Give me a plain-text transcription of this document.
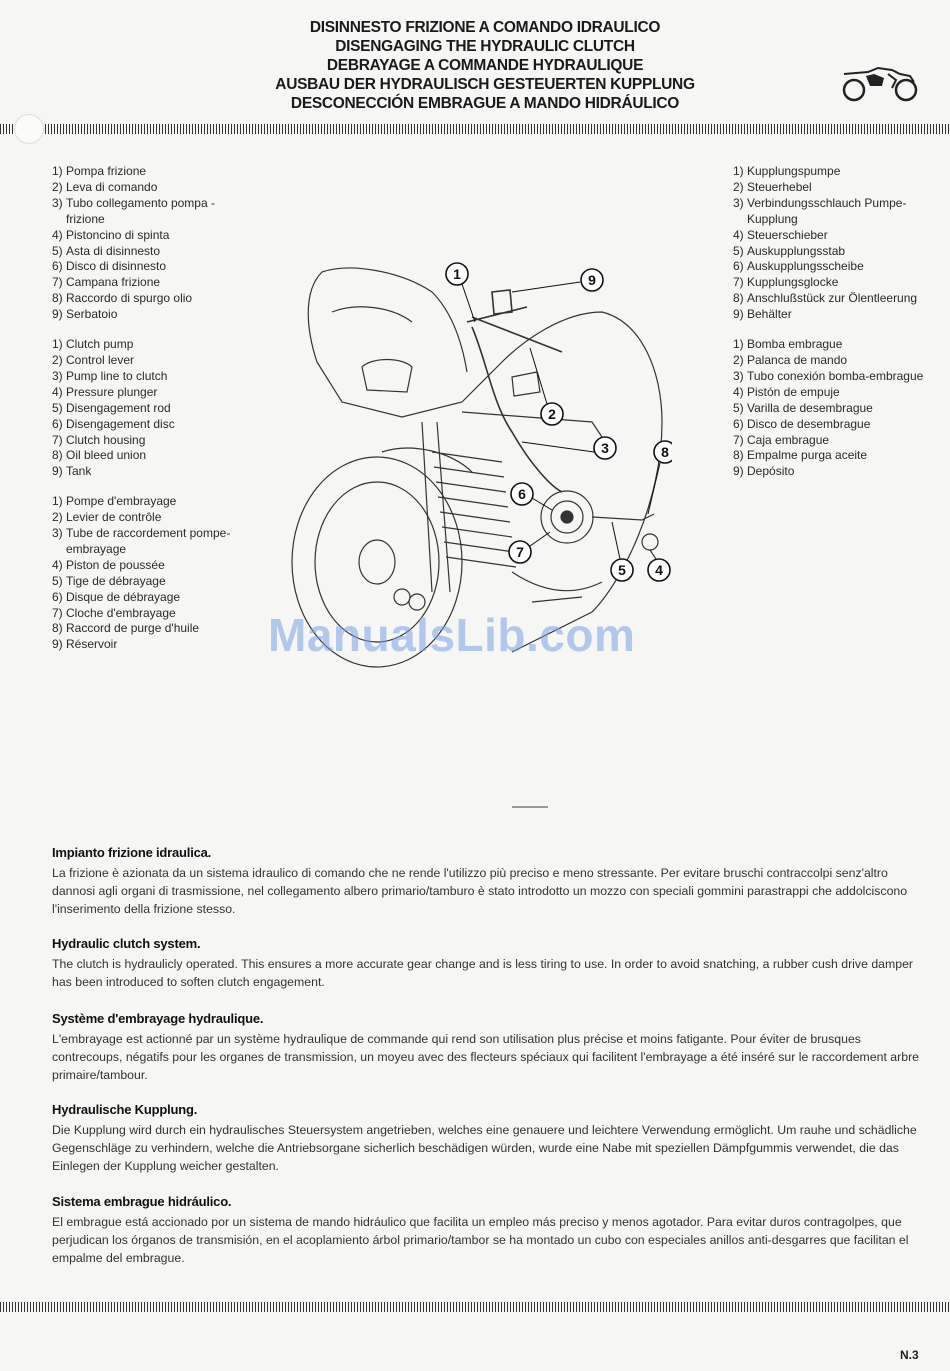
DISINNESTO FRIZIONE A COMANDO IDRAULICO
DISENGAGING THE HYDRAULIC CLUTCH
DEBRAYAGE A COMMANDE HYDRAULIQUE
AUSBAU DER HYDRAULISCH GESTEUERTEN KUPPLUNG
DESCONECCIÓN EMBRAGUE A MANDO HIDRÁULICO
1) Pompa frizione
2) Leva di comando
3) Tubo collegamento pompa -
frizione
4) Pistoncino di spinta
5) Asta di disinnesto
6) Disco di disinnesto
7) Campana frizione
8) Raccordo di spurgo olio
9) Serbatoio
1) Clutch pump
2) Control lever
3) Pump line to clutch
4) Pressure plunger
5) Disengagement rod
6) Disengagement disc
7) Clutch housing
8) Oil bleed union
9) Tank
1) Pompe d'embrayage
2) Levier de contrôle
3) Tube de raccordement pompe-
embrayage
4) Piston de poussée
5) Tige de débrayage
6) Disque de débrayage
7) Cloche d'embrayage
8) Raccord de purge d'huile
9) Réservoir
1) Kupplungspumpe
2) Steuerhebel
3) Verbindungsschlauch Pumpe-
Kupplung
4) Steuerschieber
5) Auskupplungsstab
6) Auskupplungsscheibe
7) Kupplungsglocke
8) Anschlußstück zur Ölentleerung
9) Behälter
1) Bomba embrague
2) Palanca de mando
3) Tubo conexión bomba-embrague
4) Pistón de empuje
5) Varilla de desembrague
6) Disco de desembrague
7) Caja embrague
8) Empalme purga aceite
9) Depósito
1	9
2
3	8
6
7
5 4
ManualsLib.com
Impianto frizione idraulica.

La frizione è azionata da un sistema idraulico di comando che ne rende l'utilizzo più preciso e meno stressante. Per evitare bruschi contraccolpi senz'altro dannosi agli organi di trasmissione, nel collegamento albero primario/tamburo è stato introdotto un mozzo con speciali gommini parastrappi che addolciscono l'inserimento della frizione stesso.

Hydraulic clutch system.

The clutch is hydraulicly operated. This ensures a more accurate gear change and is less tiring to use. In order to avoid snatching, a rubber cush drive damper has been introduced to soften clutch engagement.

Système d'embrayage hydraulique.

L'embrayage est actionné par un système hydraulique de commande qui rend son utilisation plus précise et moins fatigante. Pour éviter de brusques contrecoups, négatifs pour les organes de transmission, un moyeu avec des flecteurs spéciaux qui facilitent l'embrayage a été inséré sur le raccordement arbre primaire/tambour.

Hydraulische Kupplung.

Die Kupplung wird durch ein hydraulisches Steuersystem angetrieben, welches eine genauere und leichtere Verwendung ermöglicht. Um rauhe und schädliche Gegenschläge zu verhindern, welche die Antriebsorgane sicherlich beschädigen würden, wurde eine Nabe mit speziellen Dämpfgummis verwendet, die das Einlegen der Kupplung weicher gestalten.

Sistema embrague hidráulico.

El embrague está accionado por un sistema de mando hidráulico que facilita un empleo más preciso y menos agotador. Para evitar duros contragolpes, que perjudican los órganos de transmisión, en el acoplamiento árbol primario/tambor se ha montado un cubo con especiales anillos anti-desgarres que facilitan el empalme del embrague.

N.3
